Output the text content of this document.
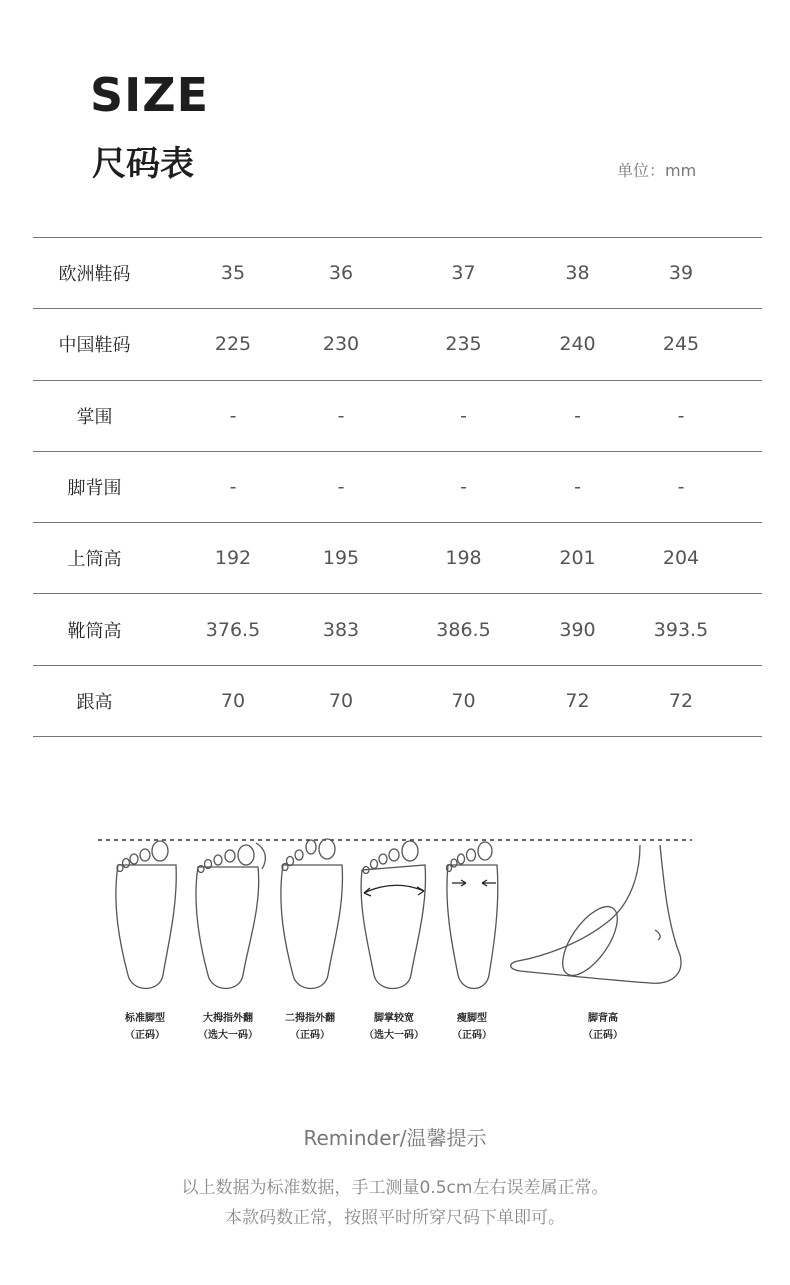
SIZE
尺码表	单位：mm
欧洲鞋码	35	36	37	38	39
中国鞋码	225	230	235	240	245
掌围	-	-	-	-	-
脚背围	-	-	-	-	-
上筒高	192	195	198	201	204
靴筒高	376.5	383	386.5	390	393.5
跟高	70	70	70	72	72
标准脚型
（正码）
大拇指外翻
（选大一码）
二拇指外翻
（正码）
脚掌较宽
（选大一码）
瘦脚型
（正码）
脚背高
（正码）
Reminder/温馨提示
以上数据为标准数据，手工测量0.5cm左右误差属正常。
本款码数正常，按照平时所穿尺码下单即可。
